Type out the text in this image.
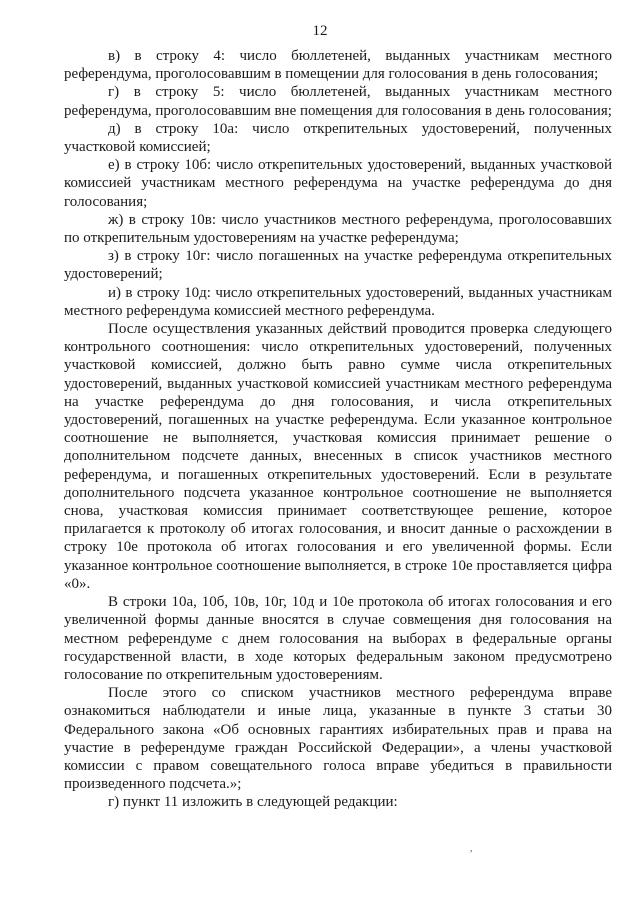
12

в) в строку 4: число бюллетеней, выданных участникам местного референдума, проголосовавшим в помещении для голосования в день голосования;

г) в строку 5: число бюллетеней, выданных участникам местного референдума, проголосовавшим вне помещения для голосования в день голосования;

д) в строку 10а: число открепительных удостоверений, полученных участковой комиссией;

е) в строку 10б: число открепительных удостоверений, выданных участковой комиссией участникам местного референдума на участке референдума до дня голосования;

ж) в строку 10в: число участников местного референдума, проголосовавших по открепительным удостоверениям на участке референдума;

з) в строку 10г: число погашенных на участке референдума открепительных удостоверений;

и) в строку 10д: число открепительных удостоверений, выданных участникам местного референдума комиссией местного референдума.

После осуществления указанных действий проводится проверка следующего контрольного соотношения: число открепительных удостоверений, полученных участковой комиссией, должно быть равно сумме числа открепительных удостоверений, выданных участковой комиссией участникам местного референдума на участке референдума до дня голосования, и числа открепительных удостоверений, погашенных на участке референдума. Если указанное контрольное соотношение не выполняется, участковая комиссия принимает решение о дополнительном подсчете данных, внесенных в список участников местного референдума, и погашенных открепительных удостоверений. Если в результате дополнительного подсчета указанное контрольное соотношение не выполняется снова, участковая комиссия принимает соответствующее решение, которое прилагается к протоколу об итогах голосования, и вносит данные о расхождении в строку 10е протокола об итогах голосования и его увеличенной формы. Если указанное контрольное соотношение выполняется, в строке 10е проставляется цифра «0».

В строки 10а, 10б, 10в, 10г, 10д и 10е протокола об итогах голосования и его увеличенной формы данные вносятся в случае совмещения дня голосования на местном референдуме с днем голосования на выборах в федеральные органы государственной власти, в ходе которых федеральным законом предусмотрено голосование по открепительным удостоверениям.

После этого со списком участников местного референдума вправе ознакомиться наблюдатели и иные лица, указанные в пункте 3 статьи 30 Федерального закона «Об основных гарантиях избирательных прав и права на участие в референдуме граждан Российской Федерации», а члены участковой комиссии с правом совещательного голоса вправе убедиться в правильности произведенного подсчета.»;

г) пункт 11 изложить в следующей редакции:

,
